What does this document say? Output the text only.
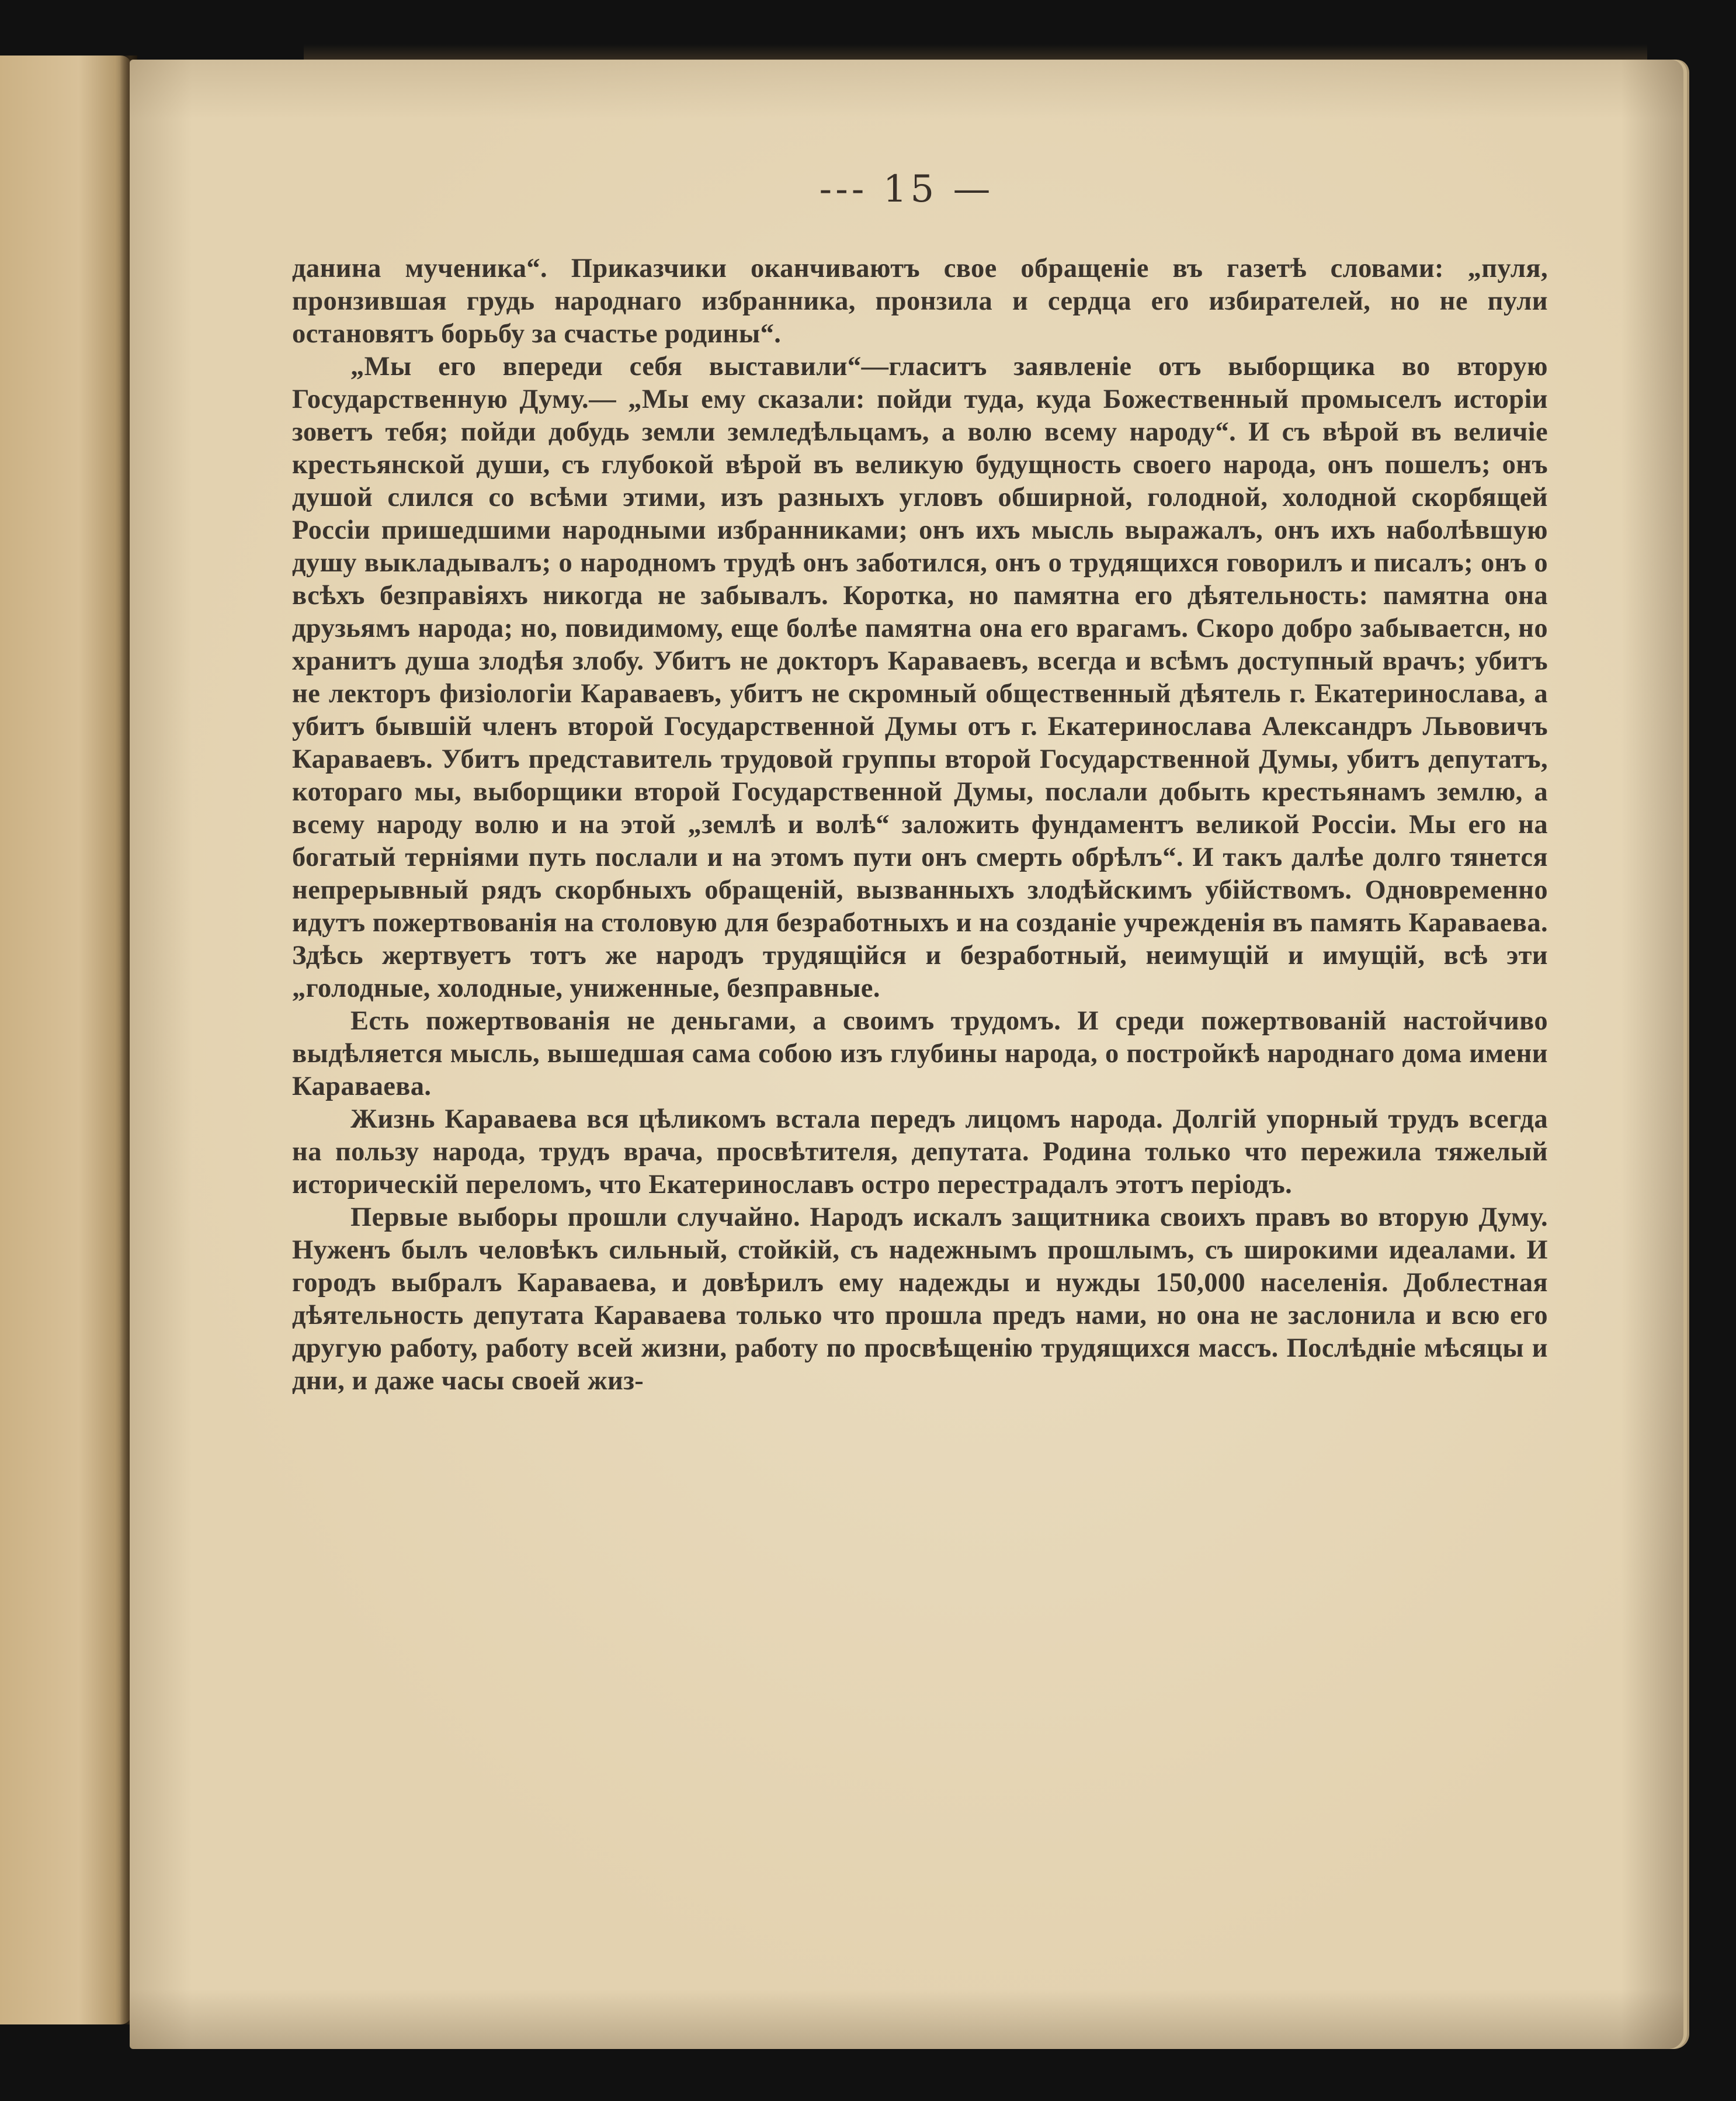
--- 15 —

данина мученика“. Приказчики оканчиваютъ свое обращеніе въ газетѣ словами: „пуля, пронзившая грудь народнаго избранника, пронзила и сердца его избирателей, но не пули остановятъ борьбу за счастье родины“.

„Мы его впереди себя выставили“—гласитъ заявленіе отъ выборщика во вторую Государственную Думу.— „Мы ему сказали: пойди туда, куда Божественный промыселъ исторіи зоветъ тебя; пойди добудь земли земледѣльцамъ, а волю всему народу“. И съ вѣрой въ величіе крестьянской души, съ глубокой вѣрой въ великую будущность своего народа, онъ пошелъ; онъ душой слился со всѣми этими, изъ разныхъ угловъ обширной, голодной, холодной скорбящей Россіи пришедшими народными избранниками; онъ ихъ мысль выражалъ, онъ ихъ наболѣвшую душу выкладывалъ; о народномъ трудѣ онъ заботился, онъ о трудящихся говорилъ и писалъ; онъ о всѣхъ безправіяхъ никогда не забывалъ. Коротка, но памятна его дѣятельность: памятна она друзьямъ народа; но, повидимому, еще болѣе памятна она его врагамъ. Скоро добро забываетсн, но хранитъ душа злодѣя злобу. Убитъ не докторъ Караваевъ, всегда и всѣмъ доступный врачъ; убитъ не лекторъ физіологіи Караваевъ, убитъ не скромный общественный дѣятель г. Екатеринослава, а убитъ бывшій членъ второй Государственной Думы отъ г. Екатеринослава Александръ Львовичъ Караваевъ. Убитъ представитель трудовой группы второй Государственной Думы, убитъ депутатъ, котораго мы, выборщики второй Государственной Думы, послали добыть крестьянамъ землю, а всему народу волю и на этой „землѣ и волѣ“ заложить фундаментъ великой Россіи. Мы его на богатый терніями путь послали и на этомъ пути онъ смерть обрѣлъ“. И такъ далѣе долго тянется непрерывный рядъ скорбныхъ обращеній, вызванныхъ злодѣйскимъ убійствомъ. Одновременно идутъ пожертвованія на столовую для безработныхъ и на созданіе учрежденія въ память Караваева. Здѣсь жертвуетъ тотъ же народъ трудящійся и безработный, неимущій и имущій, всѣ эти „голодные, холодные, униженные, безправные.

Есть пожертвованія не деньгами, а своимъ трудомъ. И среди пожертвованій настойчиво выдѣляется мысль, вышедшая сама собою изъ глубины народа, о постройкѣ народнаго дома имени Караваева.

Жизнь Караваева вся цѣликомъ встала передъ лицомъ народа. Долгій упорный трудъ всегда на пользу народа, трудъ врача, просвѣтителя, депутата. Родина только что пережила тяжелый историческій переломъ, что Екатеринославъ остро перестрадалъ этотъ періодъ.

Первые выборы прошли случайно. Народъ искалъ защитника своихъ правъ во вторую Думу. Нуженъ былъ человѣкъ сильный, стойкій, съ надежнымъ прошлымъ, съ широкими идеалами. И городъ выбралъ Караваева, и довѣрилъ ему надежды и нужды 150,000 населенія. Доблестная дѣятельность депутата Караваева только что прошла предъ нами, но она не заслонила и всю его другую работу, работу всей жизни, работу по просвѣщенію трудящихся массъ. Послѣдніе мѣсяцы и дни, и даже часы своей жиз-
